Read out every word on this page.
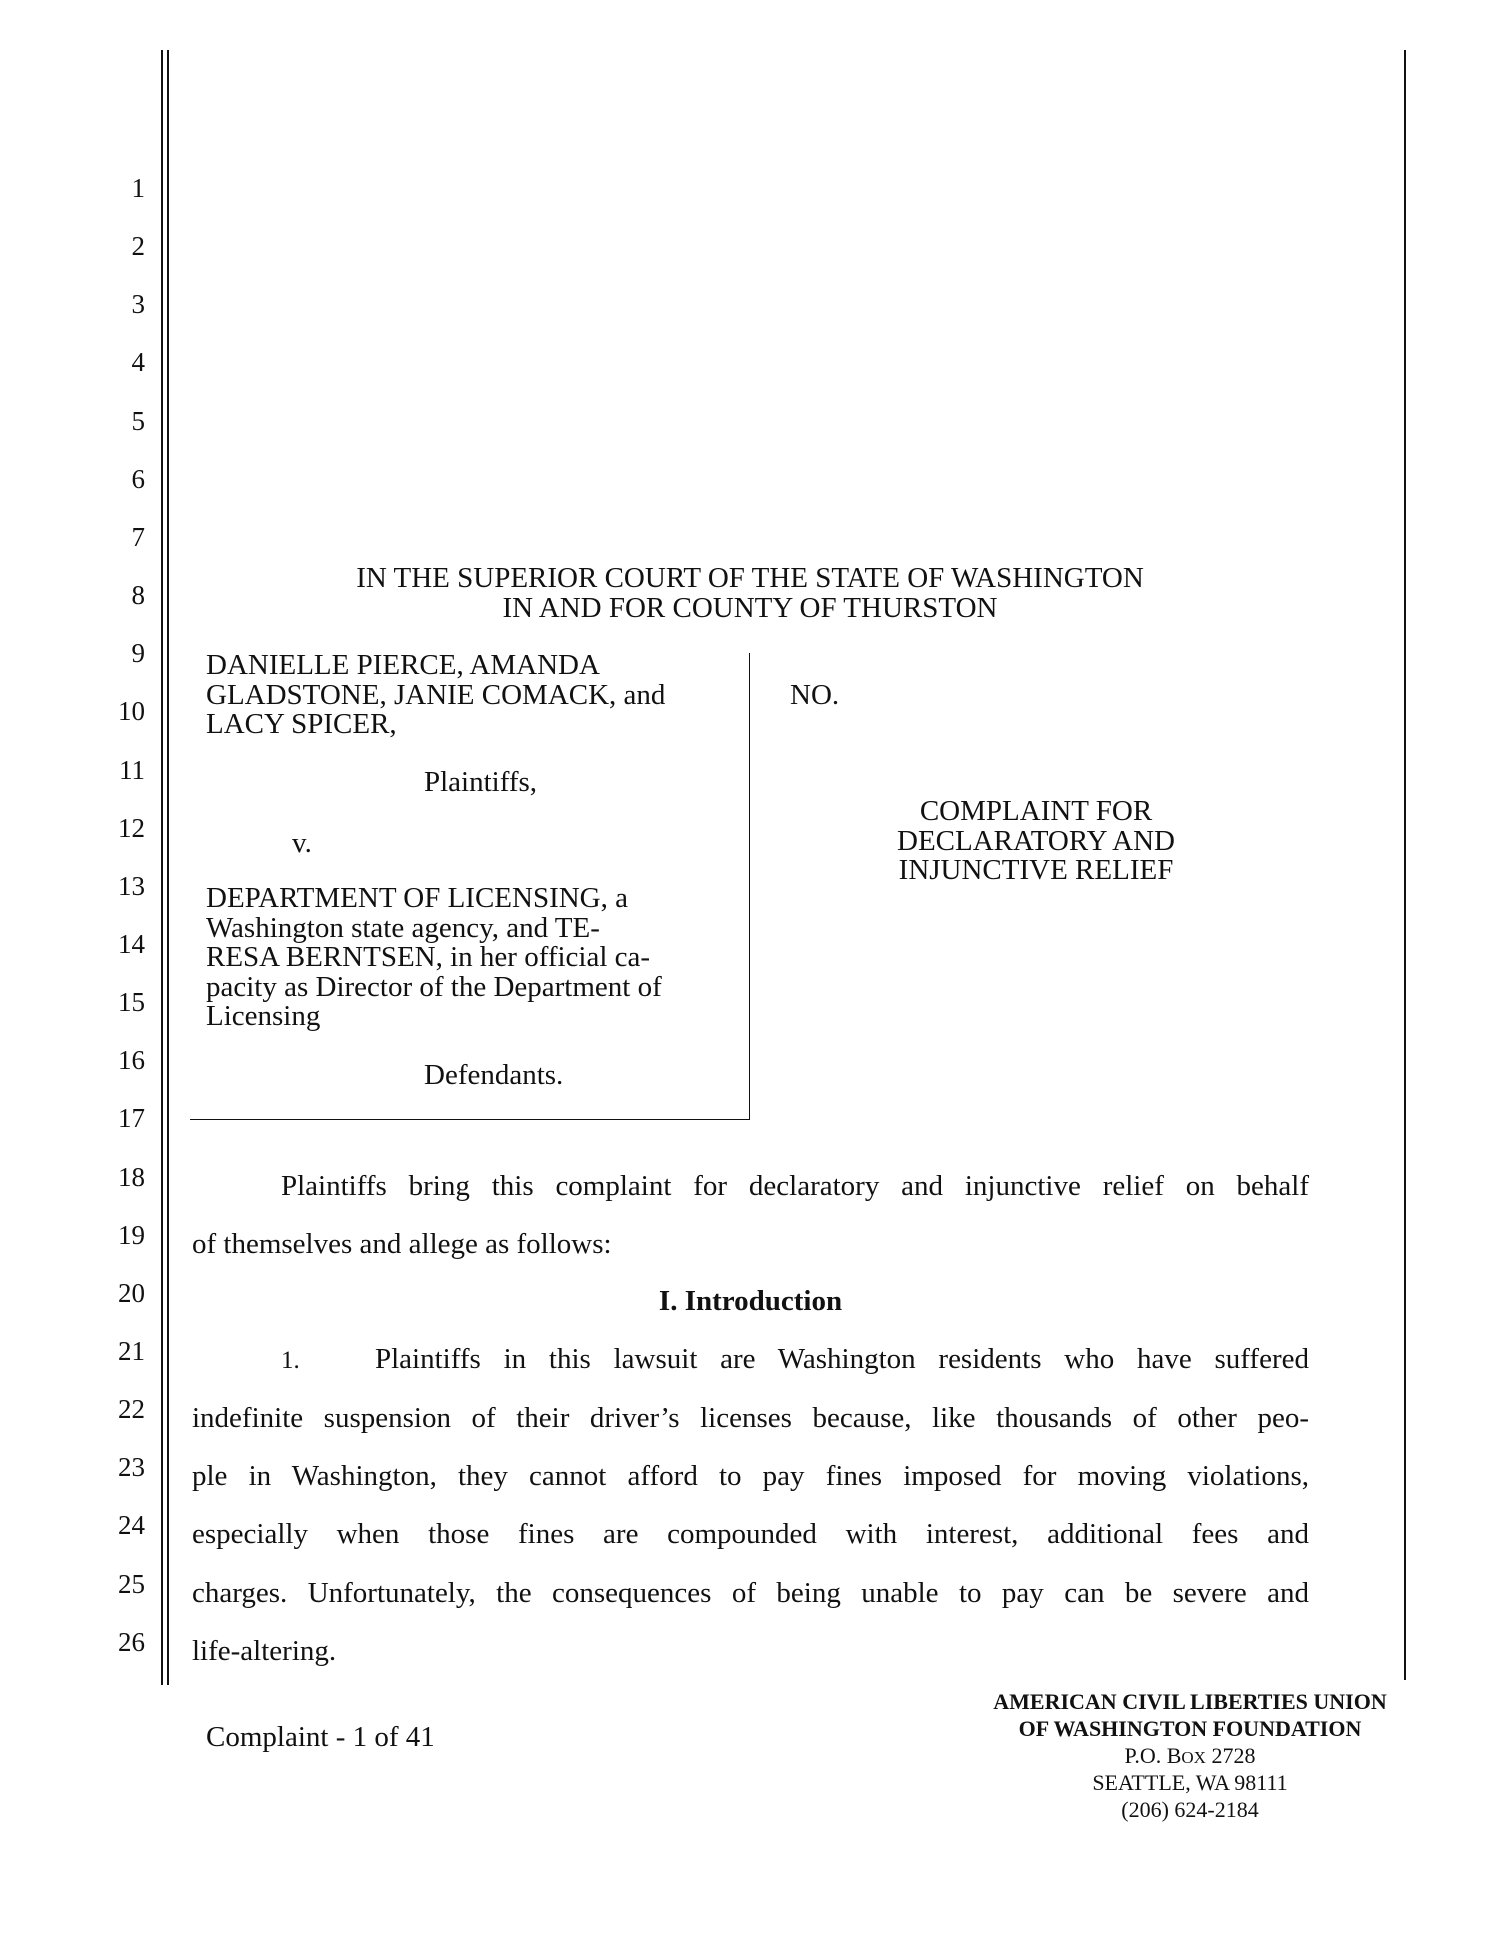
1
2
3
4
5
6
7
8
9
10
11
12
13
14
15
16
17
18
19
20
21
22
23
24
25
26
IN THE SUPERIOR COURT OF THE STATE OF WASHINGTON
IN AND FOR COUNTY OF THURSTON
DANIELLE PIERCE, AMANDA
GLADSTONE, JANIE COMACK, and
LACY SPICER,
Plaintiffs,
v.
DEPARTMENT OF LICENSING, a
Washington state agency, and TE-
RESA BERNTSEN, in her official ca-
pacity as Director of the Department of
Licensing
Defendants.
NO.
COMPLAINT FOR
DECLARATORY AND
INJUNCTIVE RELIEF
Plaintiffs bring this complaint for declaratory and injunctive relief on behalf
of themselves and allege as follows:
I. Introduction
1.	Plaintiffs in this lawsuit are Washington residents who have suffered
indefinite suspension of their driver’s licenses because, like thousands of other peo-
ple in Washington, they cannot afford to pay fines imposed for moving violations,
especially when those fines are compounded with interest, additional fees and
charges. Unfortunately, the consequences of being unable to pay can be severe and
life-altering.
Complaint - 1 of 41
AMERICAN CIVIL LIBERTIES UNION
OF WASHINGTON FOUNDATION
P.O. BOX 2728
SEATTLE, WA 98111
(206) 624-2184
